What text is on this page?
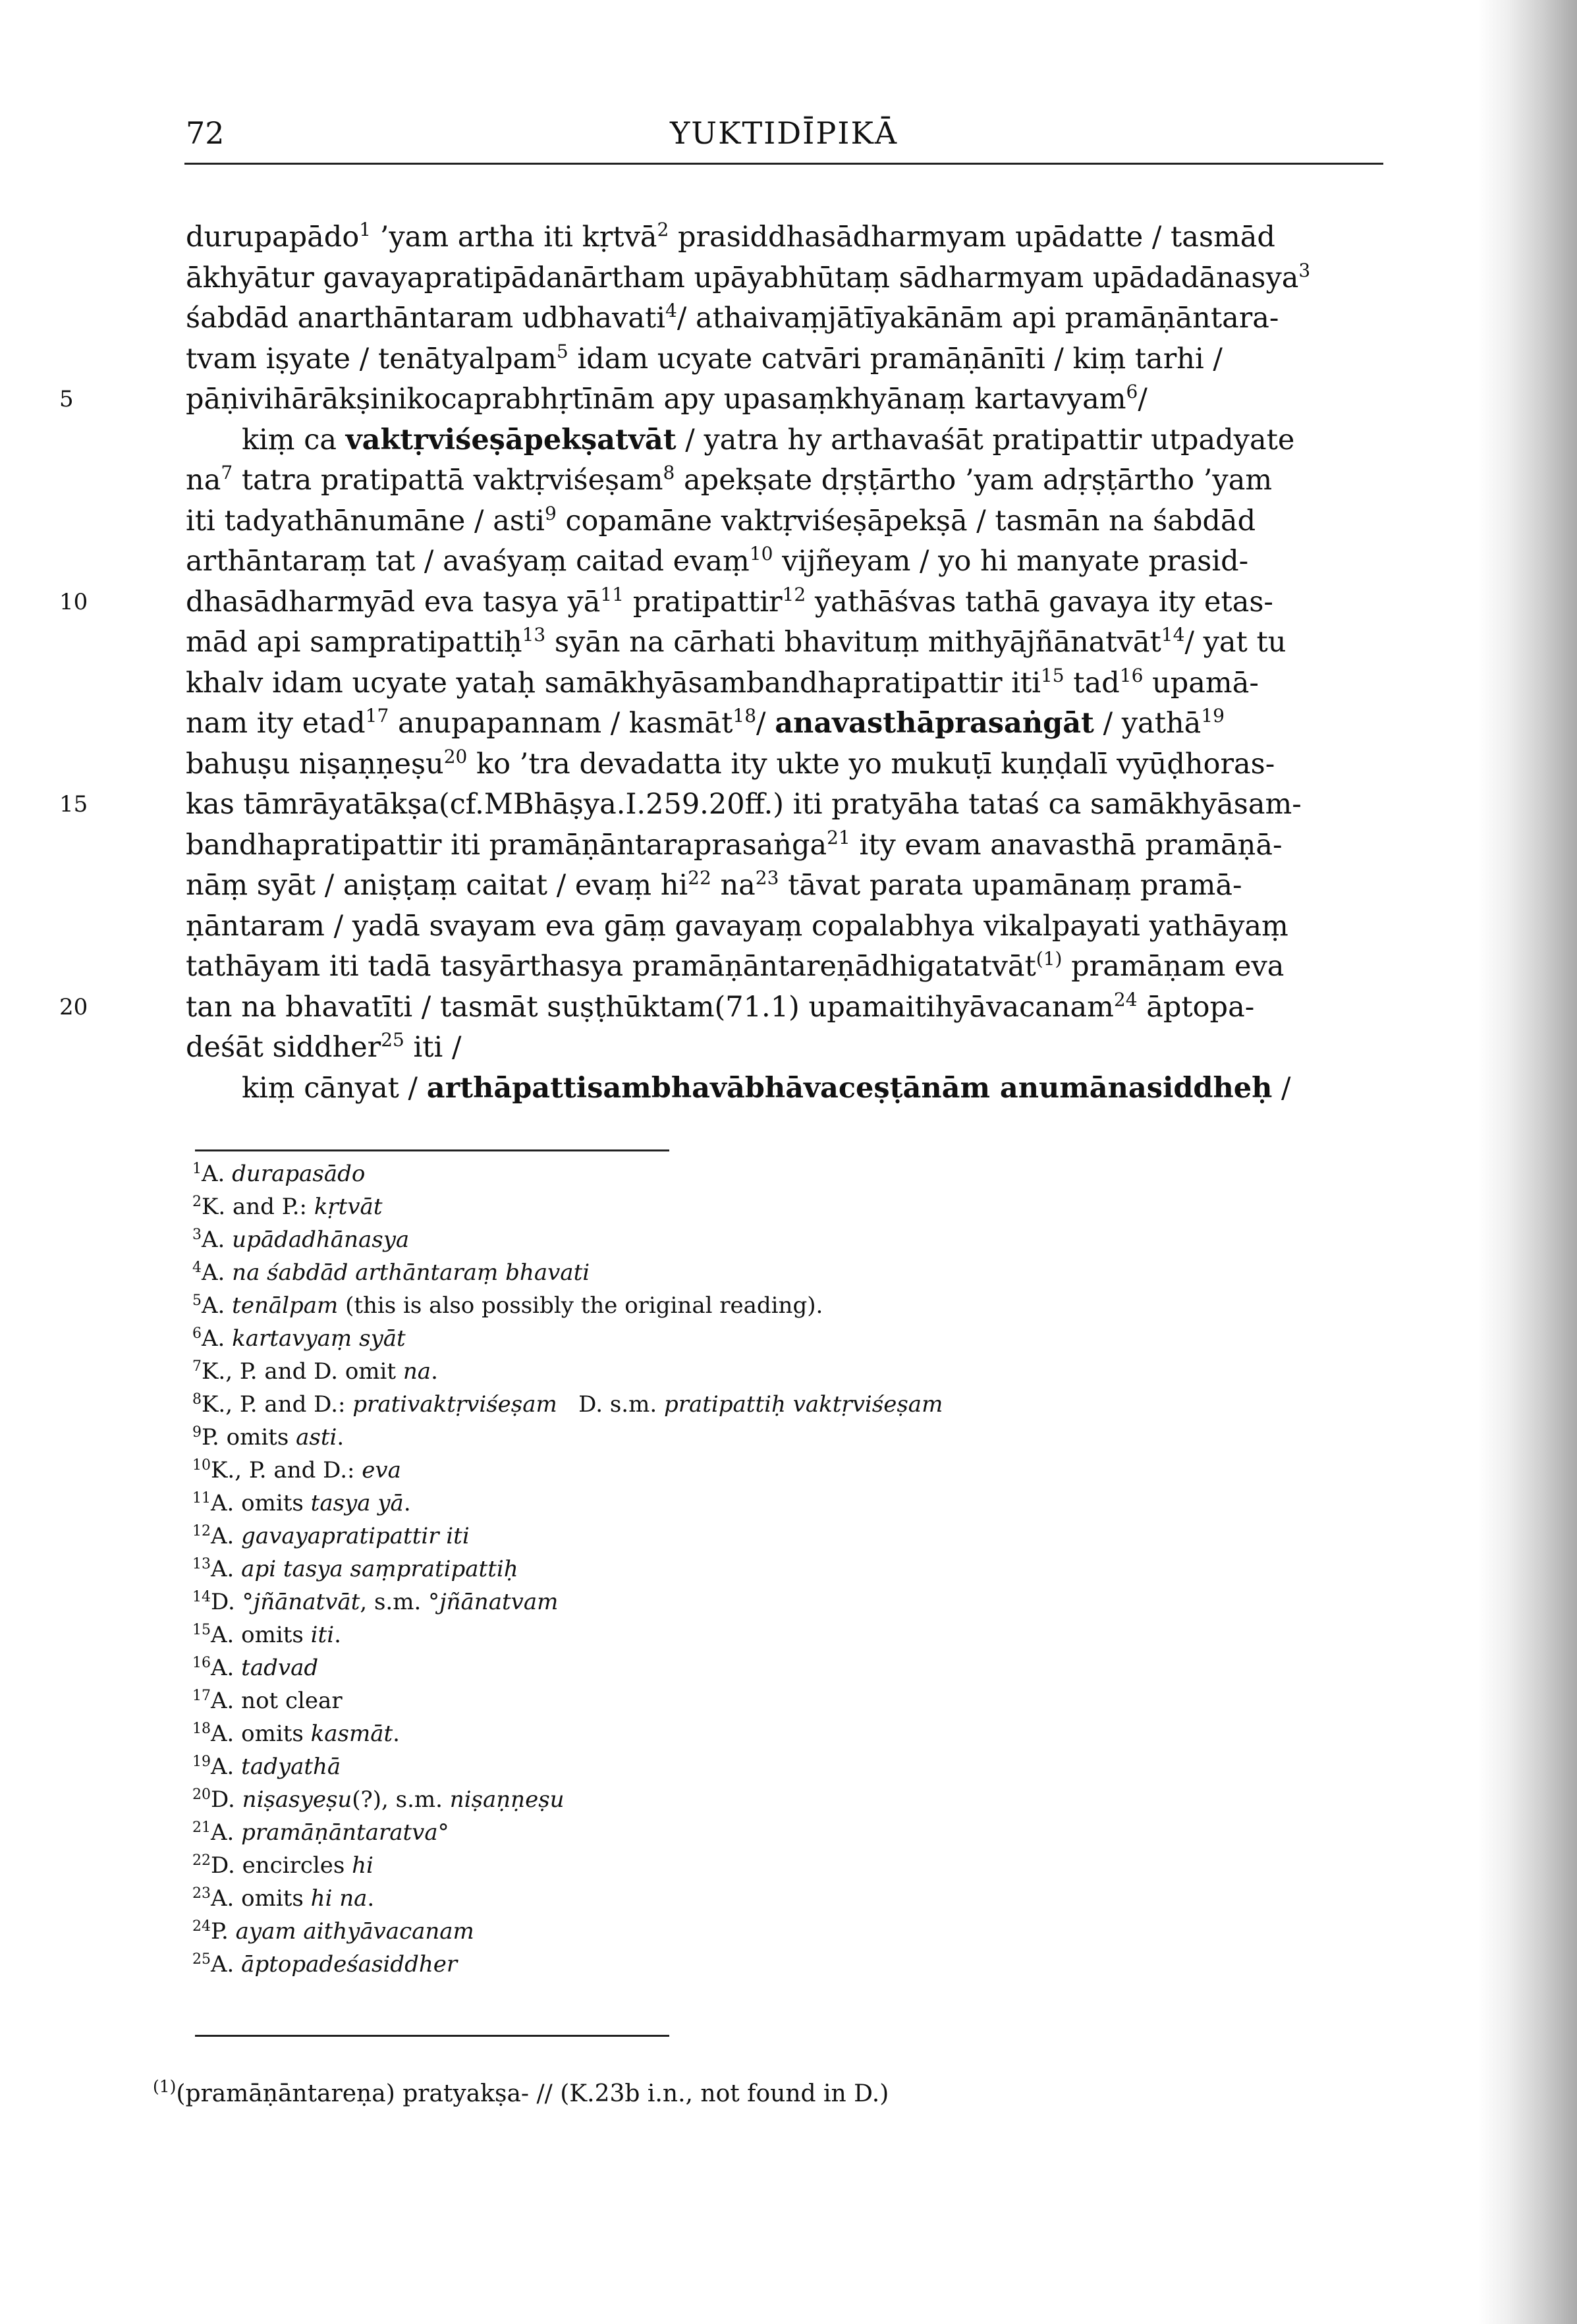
72	YUKTIDĪPIKĀ
durupapādo$^1$ ’yam artha iti kṛtvā$^2$ prasiddhasādharmyam upādatte / tasmād
ākhyātur gavayapratipādanārtham upāyabhūtaṃ sādharmyam upādadānasya$^3$
śabdād anarthāntaram udbhavati$^4$/ athaivaṃjātīyakānām api pramāṇāntara-
tvam iṣyate / tenātyalpam$^5$ idam ucyate catvāri pramāṇānīti / kiṃ tarhi /
5	pāṇivihārākṣinikocaprabhṛtīnām apy upasaṃkhyānaṃ kartavyam$^6$/
kiṃ ca vaktṛviśeṣāpekṣatvāt / yatra hy arthavaśāt pratipattir utpadyate
$na^7$ tatra pratipattā vaktṛviśeṣam$^8$ apekṣate dṛṣṭārtho ’yam adṛṣṭārtho ’yam
iti tadyathānumāne / asti$^9$ copamāne vaktṛviśeṣāpekṣā / tasmān na śabdād
arthāntaraṃ tat / avaśyaṃ caitad evaṃ$^{10}$ vijñeyam / yo hi manyate prasid-
10	dhasādharmyād eva tasya $yā^{11}$ pratipattir$^{12}$ yathāśvas tathā gavaya ity etas-
mād api sampratipattiḥ$^{13}$ syān na cārhati bhavituṃ mithyājñānatvāt$^{14}$/ yat tu
khalv idam ucyate yataḥ samākhyāsambandhapratipattir iti$^{15}$ tad$^{16}$ upamā-
nam ity etad$^{17}$ anupapannam / kasmāt$^{18}$/ anavasthāprasaṅgāt / yathā$^{19}$
bahuṣu niṣaṇṇeṣu$^{20}$ ko ’tra devadatta ity ukte yo mukuṭī kuṇḍalī vyūḍhoras-
15	kas tāmrāyatākṣa(cf.MBhāṣya.I.259.20ff.) iti pratyāha tataś ca samākhyāsam-
bandhapratipattir iti pramāṇāntaraprasaṅga$^{21}$ ity evam anavasthā pramāṇā-
nāṃ syāt / aniṣṭaṃ caitat / evaṃ $hi^{22}$ $na^{23}$ tāvat parata upamānaṃ pramā-
ṇāntaram / yadā svayam eva gāṃ gavayaṃ copalabhya vikalpayati yathāyaṃ
tathāyam iti tadā tasyārthasya pramāṇāntareṇādhigatatvāt$^{(1)}$ pramāṇam eva
20	tan na bhavatīti / tasmāt suṣṭhūktam(71.1) upamaitihyāvacanam$^{24}$ āptopa-
deśāt siddher$^{25}$ iti /
kiṃ cānyat / arthāpattisambhavābhāvaceṣṭānām anumānasiddheḥ /
$^1$A. durapasādo
$^2$K. and P.: kṛtvāt
$^3$A. upādadhānasya
$^4$A. na śabdād arthāntaraṃ bhavati
$^5$A. tenālpam (this is also possibly the original reading).
$^6$A. kartavyaṃ syāt
$^7$K., P. and D. omit na.
$^8$K., P. and D.: prativaktṛviśeṣam   D. s.m. pratipattiḥ vaktṛviśeṣam
$^9$P. omits asti.
$^{10}$K., P. and D.: eva
$^{11}$A. omits tasya yā.
$^{12}$A. gavayapratipattir iti
$^{13}$A. api tasya saṃpratipattiḥ
$^{14}$D. °jñānatvāt, s.m. °jñānatvam
$^{15}$A. omits iti.
$^{16}$A. tadvad
$^{17}$A. not clear
$^{18}$A. omits kasmāt.
$^{19}$A. tadyathā
$^{20}$D. niṣasyeṣu(?), s.m. niṣaṇṇeṣu
$^{21}$A. pramāṇāntaratva°
$^{22}$D. encircles hi
$^{23}$A. omits hi na.
$^{24}$P. ayam aithyāvacanam
$^{25}$A. āptopadeśasiddher
$^{(1)}$(pramāṇāntareṇa) pratyakṣa- // (K.23b i.n., not found in D.)
